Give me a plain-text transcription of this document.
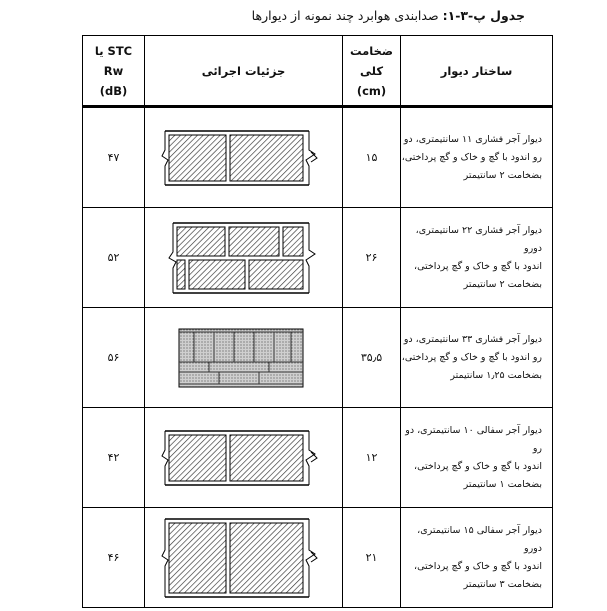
جدول پ-۳-۱: صدابندی هوابرد چند نمونه از دیوارها
ساختار دیوار	ضخامت
کلی
(cm)	جزئیات اجرائی	STC یا
Rw
(dB)

دیوار آجر فشاری ۱۱ سانتیمتری، دو
رو اندود با گچ و خاک و گچ پرداختی،
بضخامت ۲ سانتیمتر	۱۵		۴۷

دیوار آجر فشاری ۲۲ سانتیمتری، دورو
اندود با گچ و خاک و گچ پرداختی،
بضخامت ۲ سانتیمتر	۲۶		۵۲

دیوار آجر فشاری ۳۳ سانتیمتری، دو
رو اندود با گچ و خاک و گچ پرداختی،
بضخامت ۱٫۲۵ سانتیمتر	۳۵٫۵		۵۶

دیوار آجر سفالی ۱۰ سانتیمتری، دو رو
اندود با گچ و خاک و گچ پرداختی،
بضخامت ۱ سانتیمتر	۱۲		۴۲

دیوار آجر سفالی ۱۵ سانتیمتری، دورو
اندود با گچ و خاک و گچ پرداختی،
بضخامت ۳ سانتیمتر	۲۱		۴۶
